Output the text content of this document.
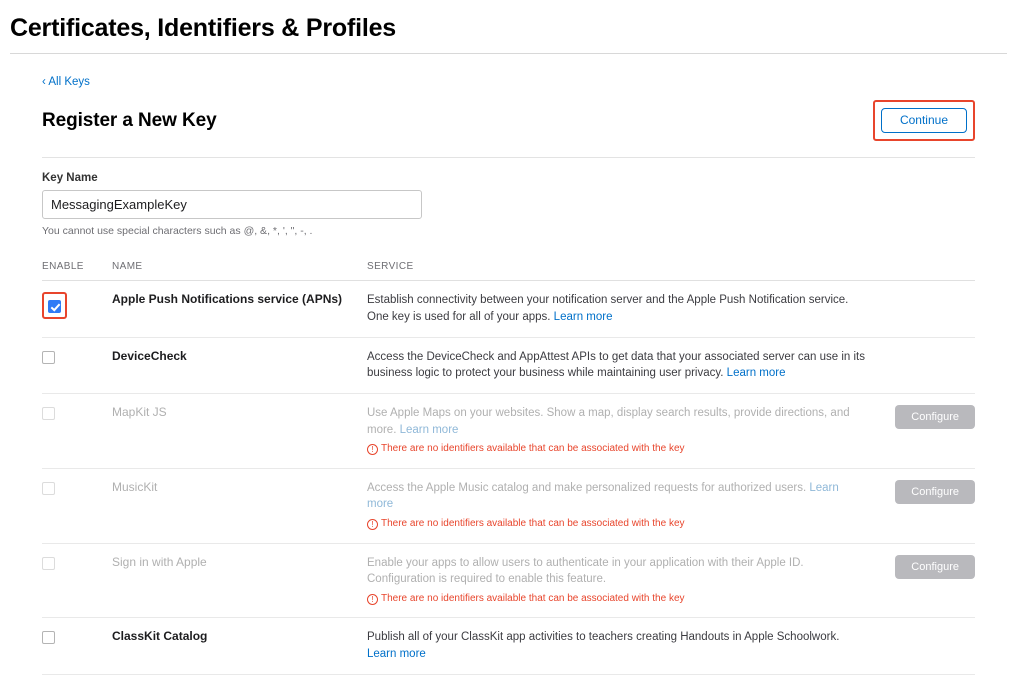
Certificates, Identifiers & Profiles
‹ All Keys
Register a New Key	Continue
Key Name
MessagingExampleKey
You cannot use special characters such as @, &, *, ', ", -, .
ENABLE	NAME	SERVICE	

	Apple Push Notifications service (APNs)	Establish connectivity between your notification server and the Apple Push Notification service. One key is used for all of your apps. Learn more	

	DeviceCheck	Access the DeviceCheck and AppAttest APIs to get data that your associated server can use in its business logic to protect your business while maintaining user privacy. Learn more	

	MapKit JS	Use Apple Maps on your websites. Show a map, display search results, provide directions, and more. Learn more
! There are no identifiers available that can be associated with the key	Configure

	MusicKit	Access the Apple Music catalog and make personalized requests for authorized users. Learn more
! There are no identifiers available that can be associated with the key	Configure

	Sign in with Apple	Enable your apps to allow users to authenticate in your application with their Apple ID. Configuration is required to enable this feature.
! There are no identifiers available that can be associated with the key	Configure

	ClassKit Catalog	Publish all of your ClassKit app activities to teachers creating Handouts in Apple Schoolwork. Learn more	
